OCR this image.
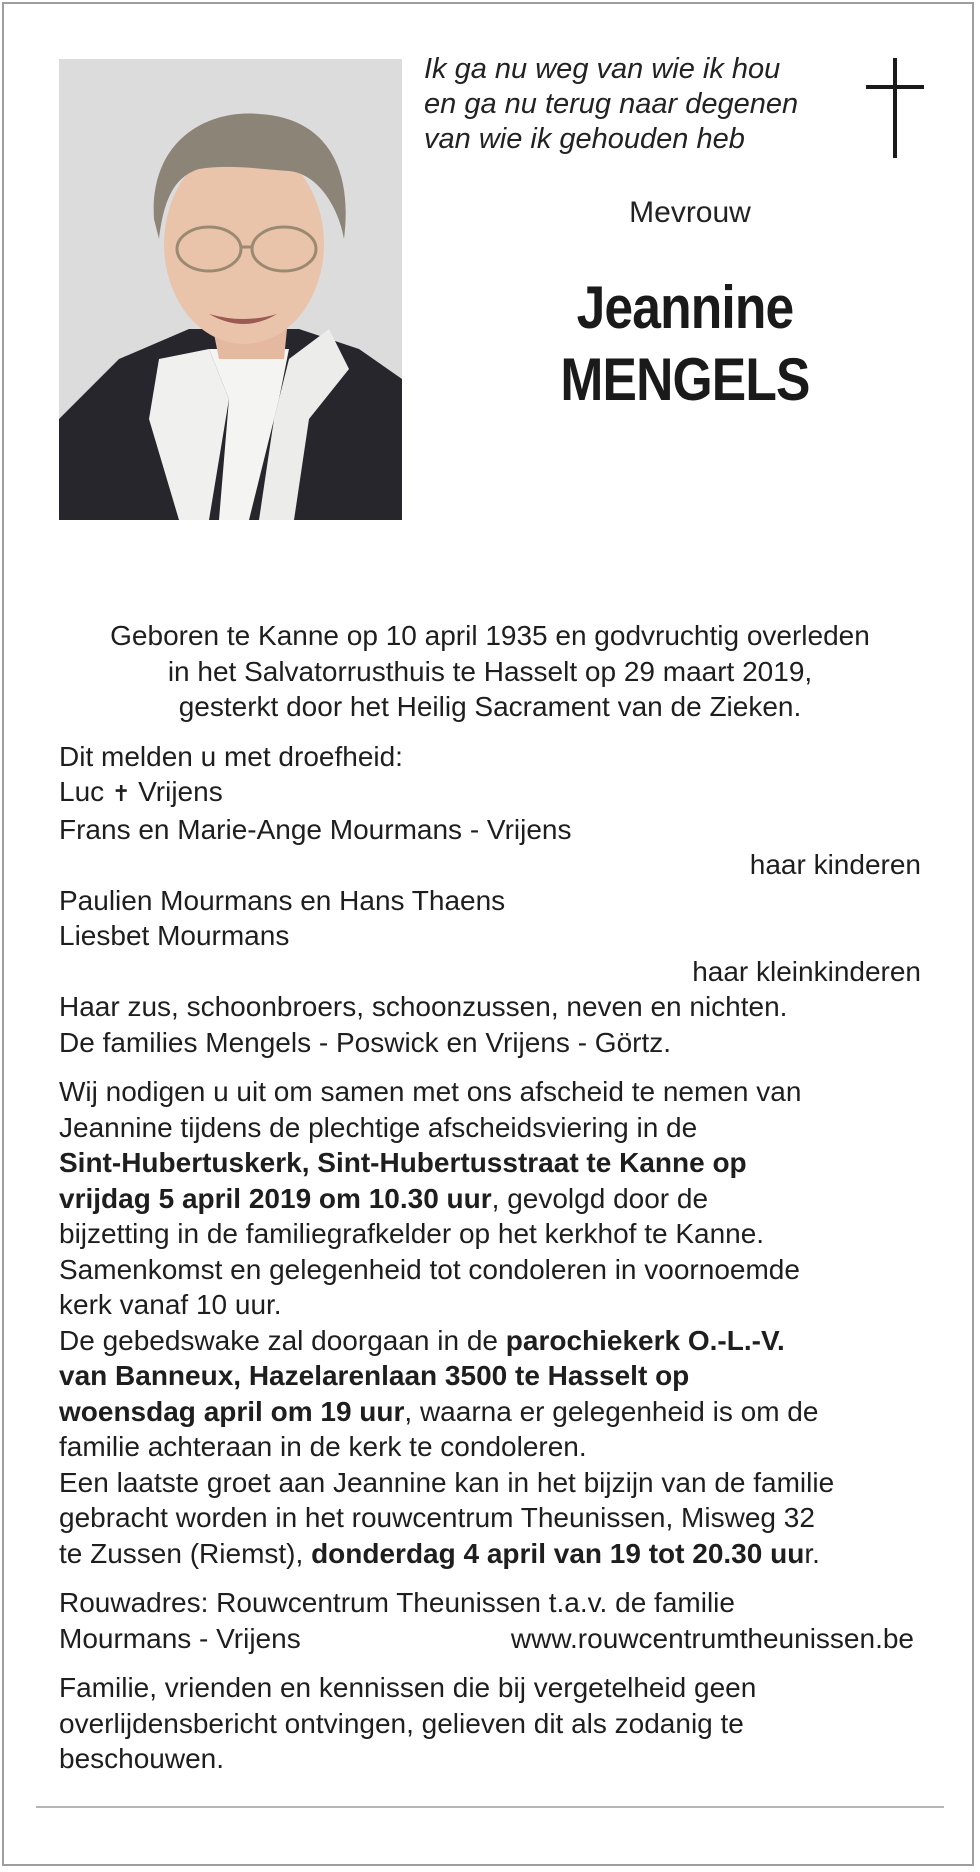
Ik ga nu weg van wie ik hou
en ga nu terug naar degenen
van wie ik gehouden heb
Mevrouw
Jeannine
MENGELS
Geboren te Kanne op 10 april 1935 en godvruchtig overleden
in het Salvatorrusthuis te Hasselt op 29 maart 2019,
gesterkt door het Heilig Sacrament van de Zieken.
Dit melden u met droefheid:
Luc ✝ Vrijens
Frans en Marie-Ange Mourmans - Vrijens
haar kinderen
Paulien Mourmans en Hans Thaens
Liesbet Mourmans
haar kleinkinderen
Haar zus, schoonbroers, schoonzussen, neven en nichten.
De families Mengels - Poswick en Vrijens - Görtz.
Wij nodigen u uit om samen met ons afscheid te nemen van
Jeannine tijdens de plechtige afscheidsviering in de
Sint-Hubertuskerk, Sint-Hubertusstraat te Kanne op
vrijdag 5 april 2019 om 10.30 uur, gevolgd door de
bijzetting in de familiegrafkelder op het kerkhof te Kanne.
Samenkomst en gelegenheid tot condoleren in voornoemde
kerk vanaf 10 uur.
De gebedswake zal doorgaan in de parochiekerk O.-L.-V.
van Banneux, Hazelarenlaan 3500 te Hasselt op
woensdag april om 19 uur, waarna er gelegenheid is om de
familie achteraan in de kerk te condoleren.
Een laatste groet aan Jeannine kan in het bijzijn van de familie
gebracht worden in het rouwcentrum Theunissen, Misweg 32
te Zussen (Riemst), donderdag 4 april van 19 tot 20.30 uur.
Rouwadres: Rouwcentrum Theunissen t.a.v. de familie
Mourmans - Vrijens	www.rouwcentrumtheunissen.be
Familie, vrienden en kennissen die bij vergetelheid geen
overlijdensbericht ontvingen, gelieven dit als zodanig te
beschouwen.
